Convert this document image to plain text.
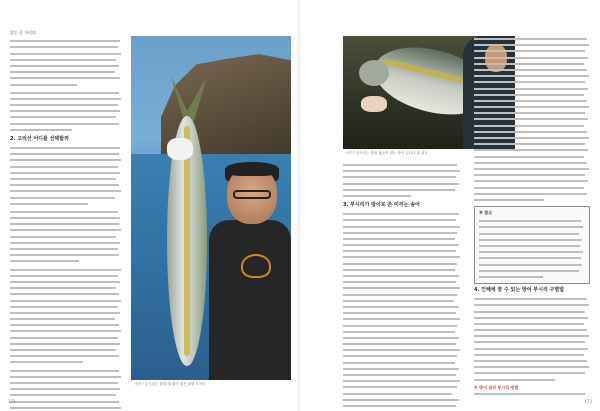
있는 곳 가리다.

2. 고리선 어디를 선택할까
사진 ? 부시리는 물릴 때 힘이 좋은 대형 부시리
172	173
사진 ? 부시리는 물을 뚫듯이 잡는 방식 입니다 물 위로
3. 부시리가 방어로 쓴 미끼는 송어
부 참고
4. 인해에 잘 수 있는 방어 부시리 구별법
부 방어 관리 부시리 방법
